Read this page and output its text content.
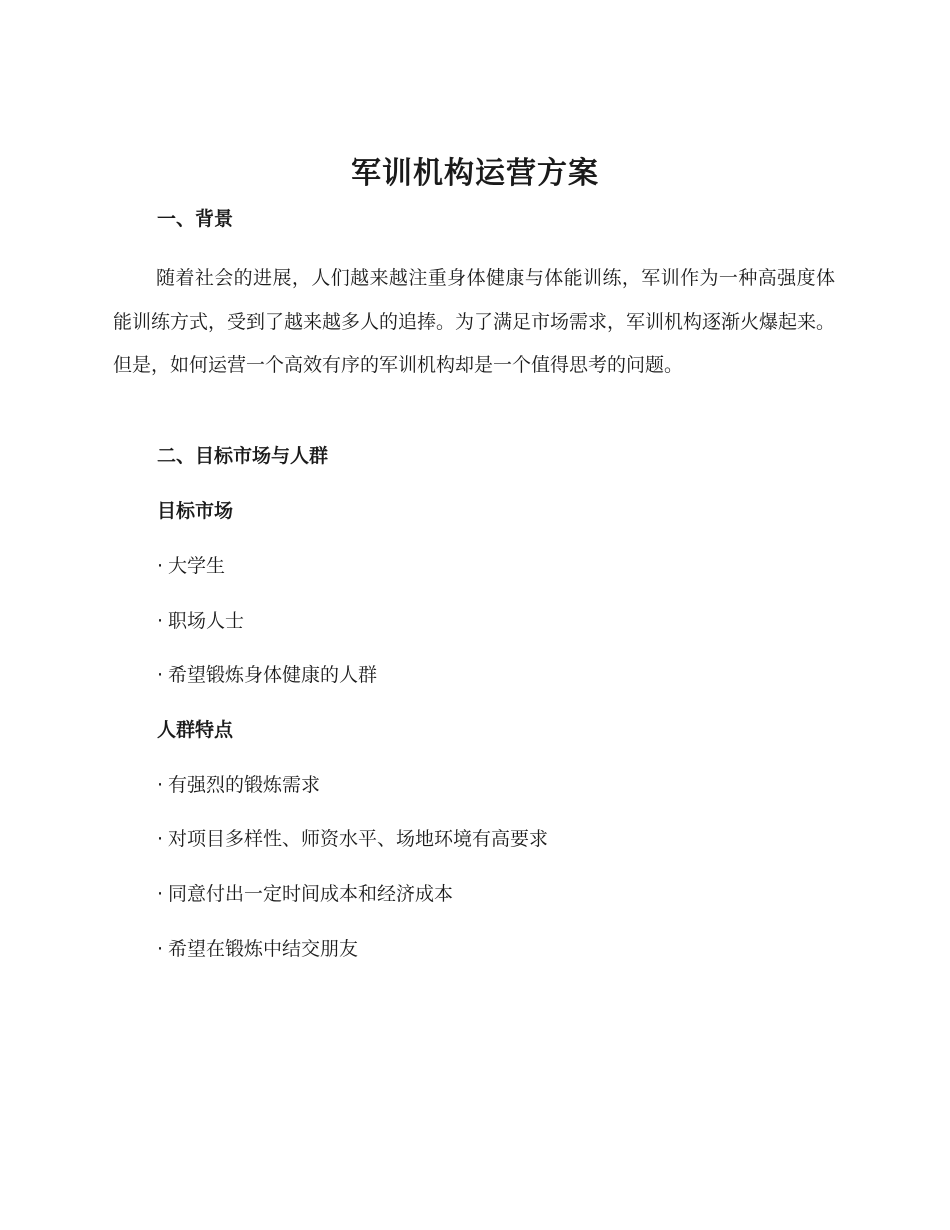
军训机构运营方案
一、背景

随着社会的进展，人们越来越注重身体健康与体能训练，军训作为一种高强度体能训练方式，受到了越来越多人的追捧。为了满足市场需求，军训机构逐渐火爆起来。但是，如何运营一个高效有序的军训机构却是一个值得思考的问题。

二、目标市场与人群
目标市场
· 大学生
· 职场人士
· 希望锻炼身体健康的人群
人群特点
· 有强烈的锻炼需求
· 对项目多样性、师资水平、场地环境有高要求
· 同意付出一定时间成本和经济成本
· 希望在锻炼中结交朋友
